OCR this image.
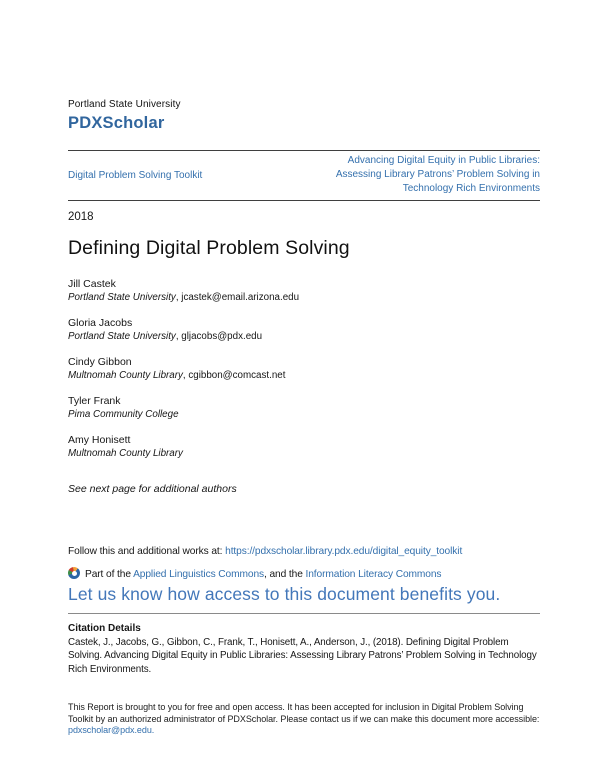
Portland State University
PDXScholar
Digital Problem Solving Toolkit
Advancing Digital Equity in Public Libraries: Assessing Library Patrons’ Problem Solving in Technology Rich Environments
2018
Defining Digital Problem Solving
Jill Castek
Portland State University, jcastek@email.arizona.edu
Gloria Jacobs
Portland State University, gljacobs@pdx.edu
Cindy Gibbon
Multnomah County Library, cgibbon@comcast.net
Tyler Frank
Pima Community College
Amy Honisett
Multnomah County Library
See next page for additional authors
Follow this and additional works at: https://pdxscholar.library.pdx.edu/digital_equity_toolkit
Part of the Applied Linguistics Commons, and the Information Literacy Commons
Let us know how access to this document benefits you.
Citation Details
Castek, J., Jacobs, G., Gibbon, C., Frank, T., Honisett, A., Anderson, J., (2018). Defining Digital Problem Solving. Advancing Digital Equity in Public Libraries: Assessing Library Patrons’ Problem Solving in Technology Rich Environments.
This Report is brought to you for free and open access. It has been accepted for inclusion in Digital Problem Solving Toolkit by an authorized administrator of PDXScholar. Please contact us if we can make this document more accessible: pdxscholar@pdx.edu.
